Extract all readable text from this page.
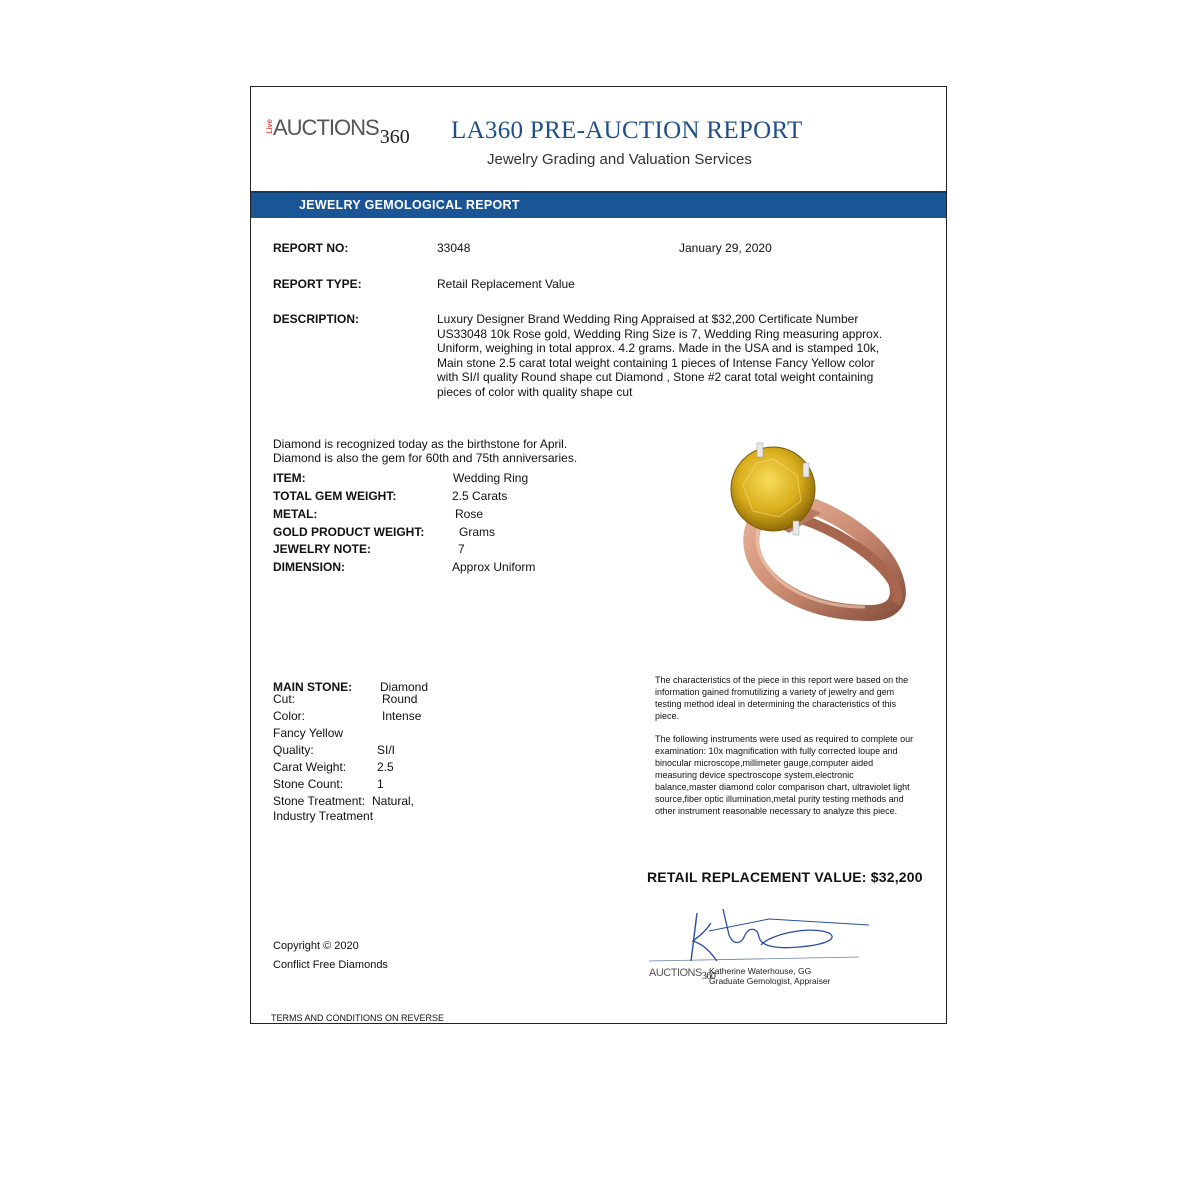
Live AUCTIONS360 LA360 PRE-AUCTION REPORT
Jewelry Grading and Valuation Services
JEWELRY GEMOLOGICAL REPORT
REPORT NO:	33048	January 29, 2020
REPORT TYPE:	Retail Replacement Value
DESCRIPTION:	Luxury Designer Brand Wedding Ring Appraised at $32,200 Certificate Number US33048 10k Rose gold, Wedding Ring Size is 7, Wedding Ring measuring approx. Uniform, weighing in total approx. 4.2 grams. Made in the USA and is stamped 10k, Main stone 2.5 carat total weight containing 1 pieces of Intense Fancy Yellow color with SI/I quality Round shape cut Diamond , Stone #2 carat total weight containing pieces of color with quality shape cut
Diamond is recognized today as the birthstone for April.
Diamond is also the gem for 60th and 75th anniversaries.
ITEM:	Wedding Ring
TOTAL GEM WEIGHT:	2.5 Carats
METAL:	Rose
GOLD PRODUCT WEIGHT:	Grams
JEWELRY NOTE:	7
DIMENSION:	Approx Uniform
MAIN STONE: Diamond
Cut:	Round
Color:	Intense
Fancy Yellow
Quality:	SI/I
Carat Weight:	2.5
Stone Count:	1
Stone Treatment: Natural,
Industry Treatment
The characteristics of the piece in this report were based on the information gained fromutilizing a variety of jewelry and gem testing method ideal in determining the characteristics of this piece.
The following instruments were used as required to complete our examination: 10x magnification with fully corrected loupe and binocular microscope,millimeter gauge,computer aided measuring device spectroscope system,electronic balance,master diamond color comparison chart, ultraviolet light source,fiber optic illumination,metal purity testing methods and other instrument reasonable necessary to analyze this piece.
RETAIL REPLACEMENT VALUE: $32,200
AUCTIONS360
Katherine Waterhouse, GG
Graduate Gemologist, Appraiser
Copyright © 2020
Conflict Free Diamonds
TERMS AND CONDITIONS ON REVERSE
